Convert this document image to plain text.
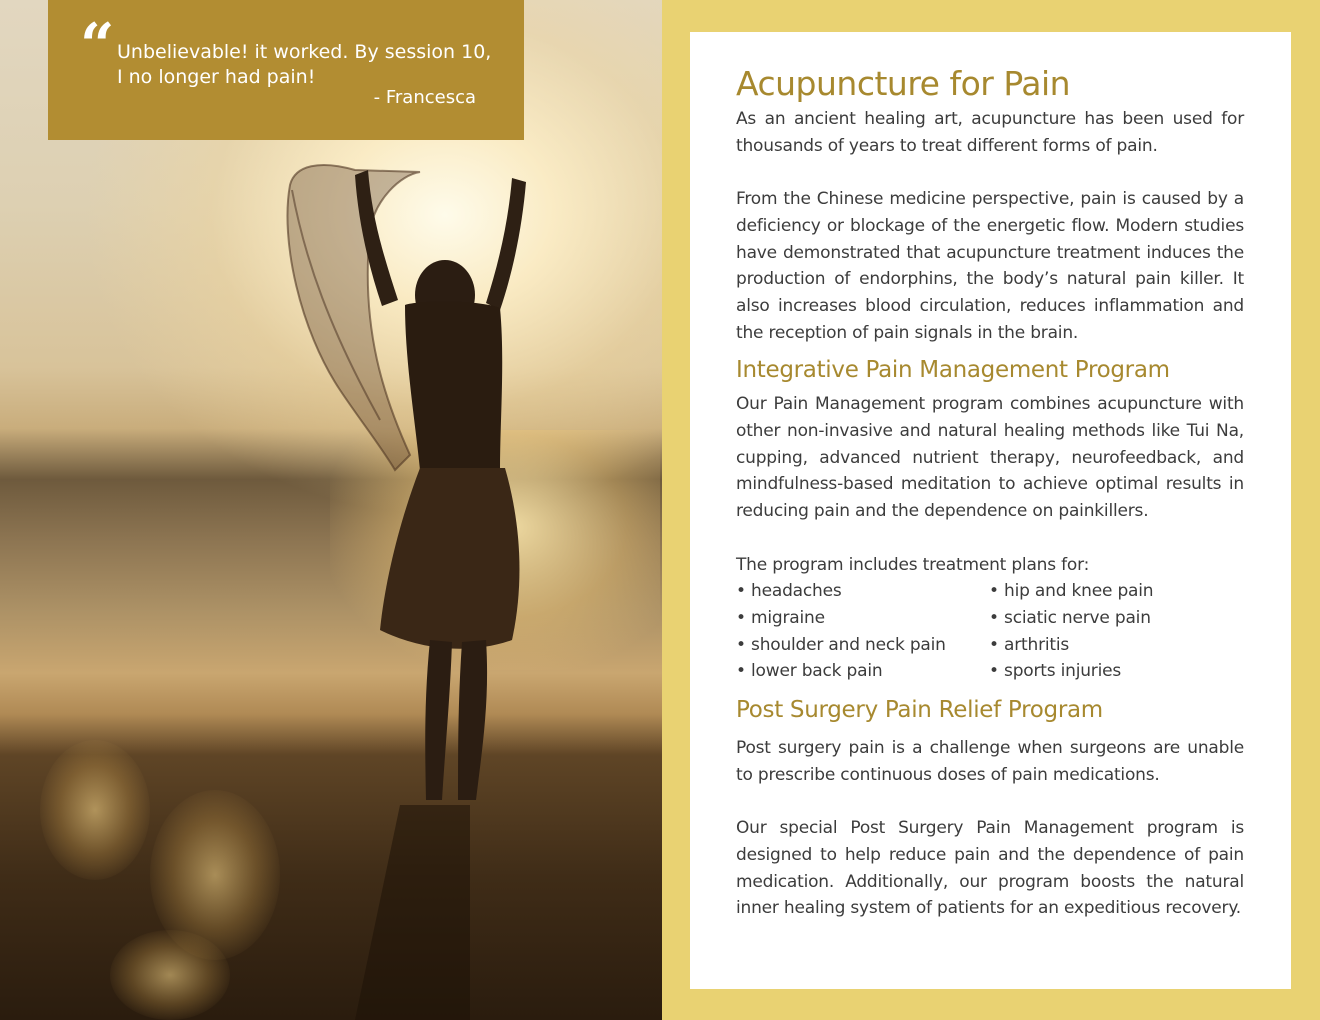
“ Unbelievable! it worked. By session 10, I no longer had pain!

- Francesca	Acupuncture for Pain

As an ancient healing art, acupuncture has been used for thousands of years to treat different forms of pain.

From the Chinese medicine perspective, pain is caused by a deficiency or blockage of the energetic flow. Modern studies have demonstrated that acupuncture treatment induces the production of endorphins, the body’s natural pain killer. It also increases blood circulation, reduces inflammation and the reception of pain signals in the brain.

Integrative Pain Management Program

Our Pain Management program combines acupuncture with other non-invasive and natural healing methods like Tui Na, cupping, advanced nutrient therapy, neurofeedback, and mindfulness-based meditation to achieve optimal results in reducing pain and the dependence on painkillers.

The program includes treatment plans for:
• headaches	• hip and knee pain
• migraine	• sciatic nerve pain
• shoulder and neck pain	• arthritis
• lower back pain	• sports injuries
Post Surgery Pain Relief Program

Post surgery pain is a challenge when surgeons are unable to prescribe continuous doses of pain medications.

Our special Post Surgery Pain Management program is designed to help reduce pain and the dependence of pain medication. Additionally, our program boosts the natural inner healing system of patients for an expeditious recovery.
